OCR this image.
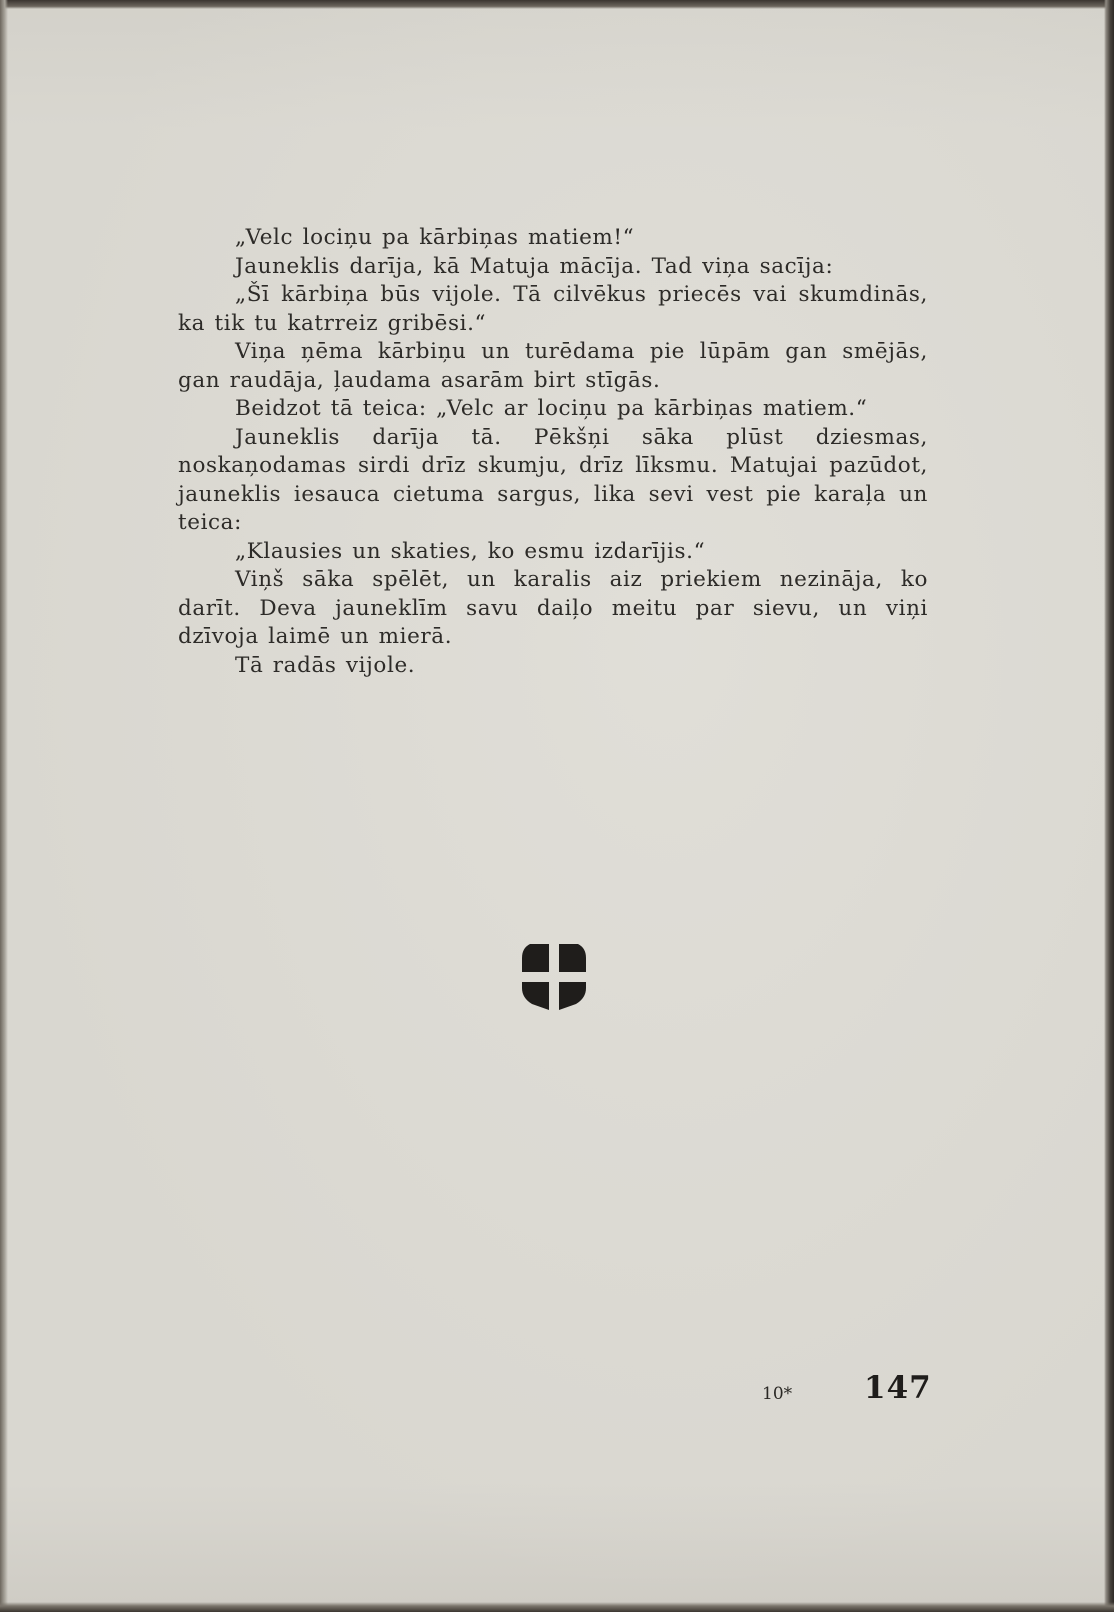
„Velc lociņu pa kārbiņas matiem!“

Jauneklis darīja, kā Matuja mācīja. Tad viņa sacīja:

„Šī kārbiņa būs vijole. Tā cilvēkus priecēs vai skumdinās, ka tik tu katrreiz gribēsi.“

Viņa ņēma kārbiņu un turēdama pie lūpām gan smējās, gan raudāja, ļaudama asarām birt stīgās.

Beidzot tā teica: „Velc ar lociņu pa kārbiņas matiem.“

Jauneklis darīja tā. Pēkšņi sāka plūst dziesmas, noskaņodamas sirdi drīz skumju, drīz līksmu. Matujai pazūdot, jauneklis iesauca cietuma sargus, lika sevi vest pie karaļa un teica:

„Klausies un skaties, ko esmu izdarījis.“

Viņš sāka spēlēt, un karalis aiz priekiem nezināja, ko darīt. Deva jauneklīm savu daiļo meitu par sievu, un viņi dzīvoja laimē un mierā.

Tā radās vijole.

10* 147
